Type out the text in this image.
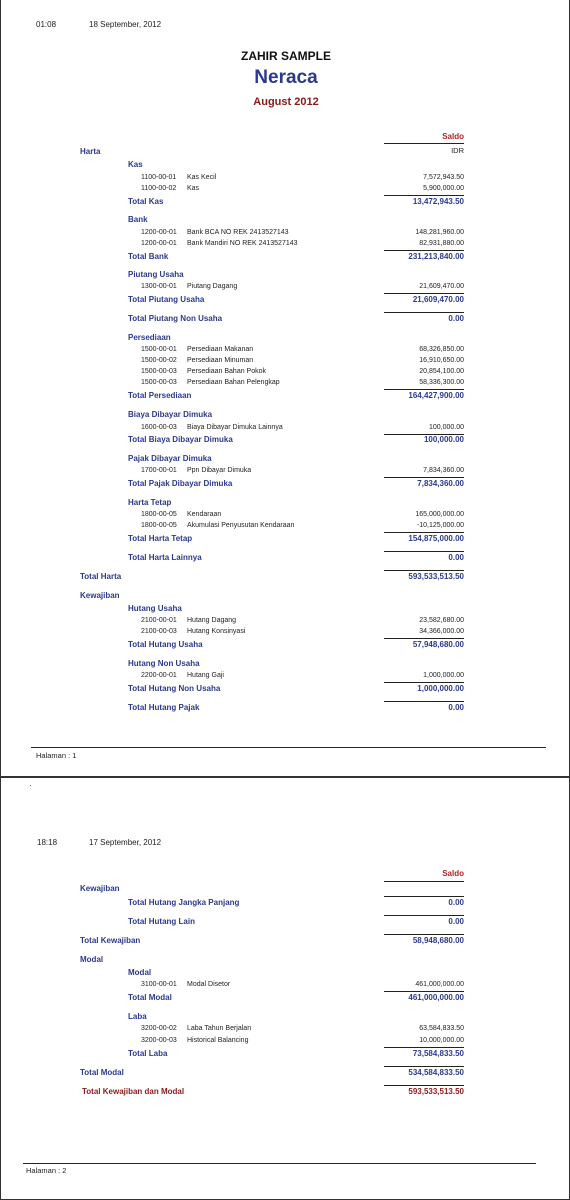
01:08	18 September, 2012
ZAHIR SAMPLE
Neraca
August 2012
Saldo
IDR
Harta
Kas
1100-00-01 Kas Kecil	7,572,943.50
1100-00-02 Kas	5,900,000.00
Total Kas	13,472,943.50
Bank
1200-00-01 Bank BCA NO REK 2413527143	148,281,960.00
1200-00-01 Bank Mandiri NO REK 2413527143	82,931,880.00
Total Bank	231,213,840.00
Piutang Usaha
1300-00-01 Piutang Dagang	21,609,470.00
Total Piutang Usaha	21,609,470.00
Total Piutang Non Usaha	0.00
Persediaan
1500-00-01 Persediaan Makanan	68,326,850.00
1500-00-02 Persediaan Minuman	16,910,650.00
1500-00-03 Persediaan Bahan Pokok	20,854,100.00
1500-00-03 Persediaan Bahan Pelengkap	58,336,300.00
Total Persediaan	164,427,900.00
Biaya Dibayar Dimuka
1600-00-03 Biaya Dibayar Dimuka Lainnya	100,000.00
Total Biaya Dibayar Dimuka	100,000.00
Pajak Dibayar Dimuka
1700-00-01 Ppn Dibayar Dimuka	7,834,360.00
Total Pajak Dibayar Dimuka	7,834,360.00
Harta Tetap
1800-00-05 Kendaraan	165,000,000.00
1800-00-05 Akumulasi Penyusutan Kendaraan	-10,125,000.00
Total Harta Tetap	154,875,000.00
Total Harta Lainnya	0.00
Total Harta	593,533,513.50
Kewajiban
Hutang Usaha
2100-00-01 Hutang Dagang	23,582,680.00
2100-00-03 Hutang Konsinyasi	34,366,000.00
Total Hutang Usaha	57,948,680.00
Hutang Non Usaha
2200-00-01 Hutang Gaji	1,000,000.00
Total Hutang Non Usaha	1,000,000.00
Total Hutang Pajak	0.00
Halaman : 1
·
18:18	17 September, 2012
Saldo
Kewajiban
Total Hutang Jangka Panjang	0.00
Total Hutang Lain	0.00
Total Kewajiban	58,948,680.00
Modal
Modal
3100-00-01 Modal Disetor	461,000,000.00
Total Modal	461,000,000.00
Laba
3200-00-02 Laba Tahun Berjalan	63,584,833.50
3200-00-03 Historical Balancing	10,000,000.00
Total Laba	73,584,833.50
Total Modal	534,584,833.50
Total Kewajiban dan Modal	593,533,513.50
Halaman : 2
